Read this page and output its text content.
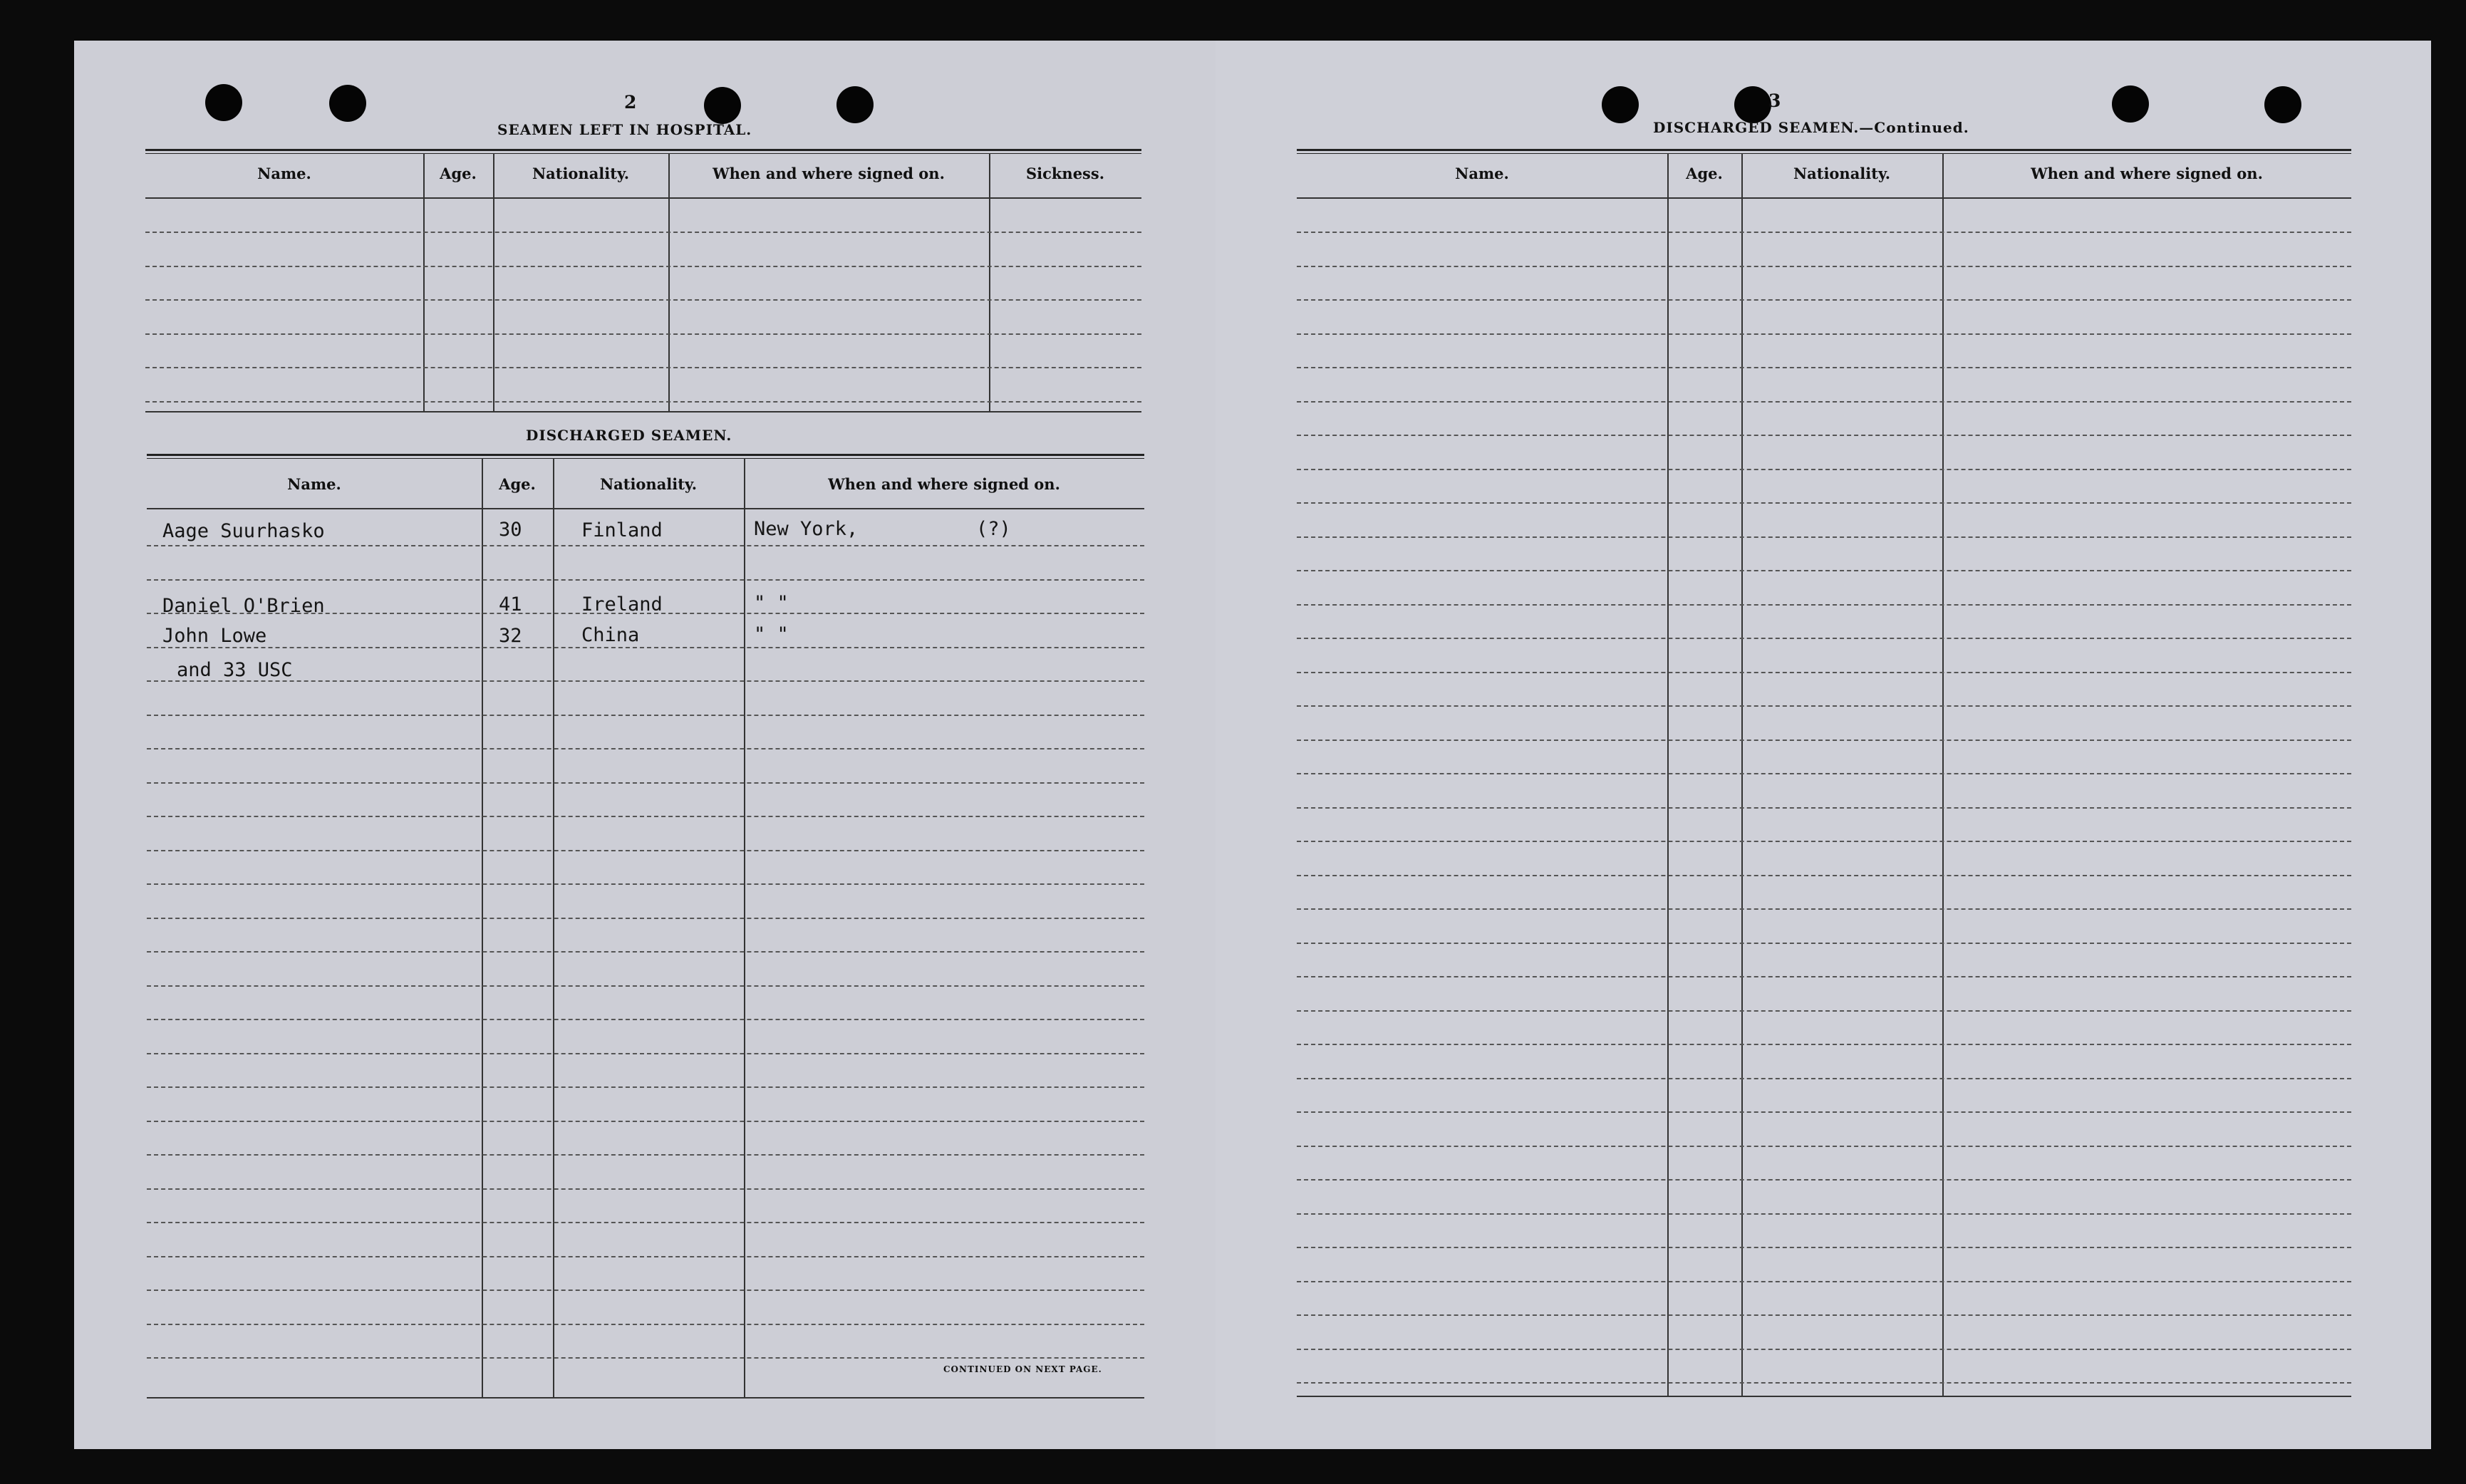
2
SEAMEN LEFT IN HOSPITAL.
Name.	Age.	Nationality.	When and where signed on.	Sickness.
DISCHARGED SEAMEN.
Name.	Age.	Nationality.	When and where signed on.
Aage Suurhasko	30	Finland	New York,	(?)
Daniel O'Brien	41	Ireland	" "
John Lowe	32	China	" "
and 33 USC
CONTINUED ON NEXT PAGE.
3
DISCHARGED SEAMEN.—Continued.
Name.	Age.	Nationality.	When and where signed on.
